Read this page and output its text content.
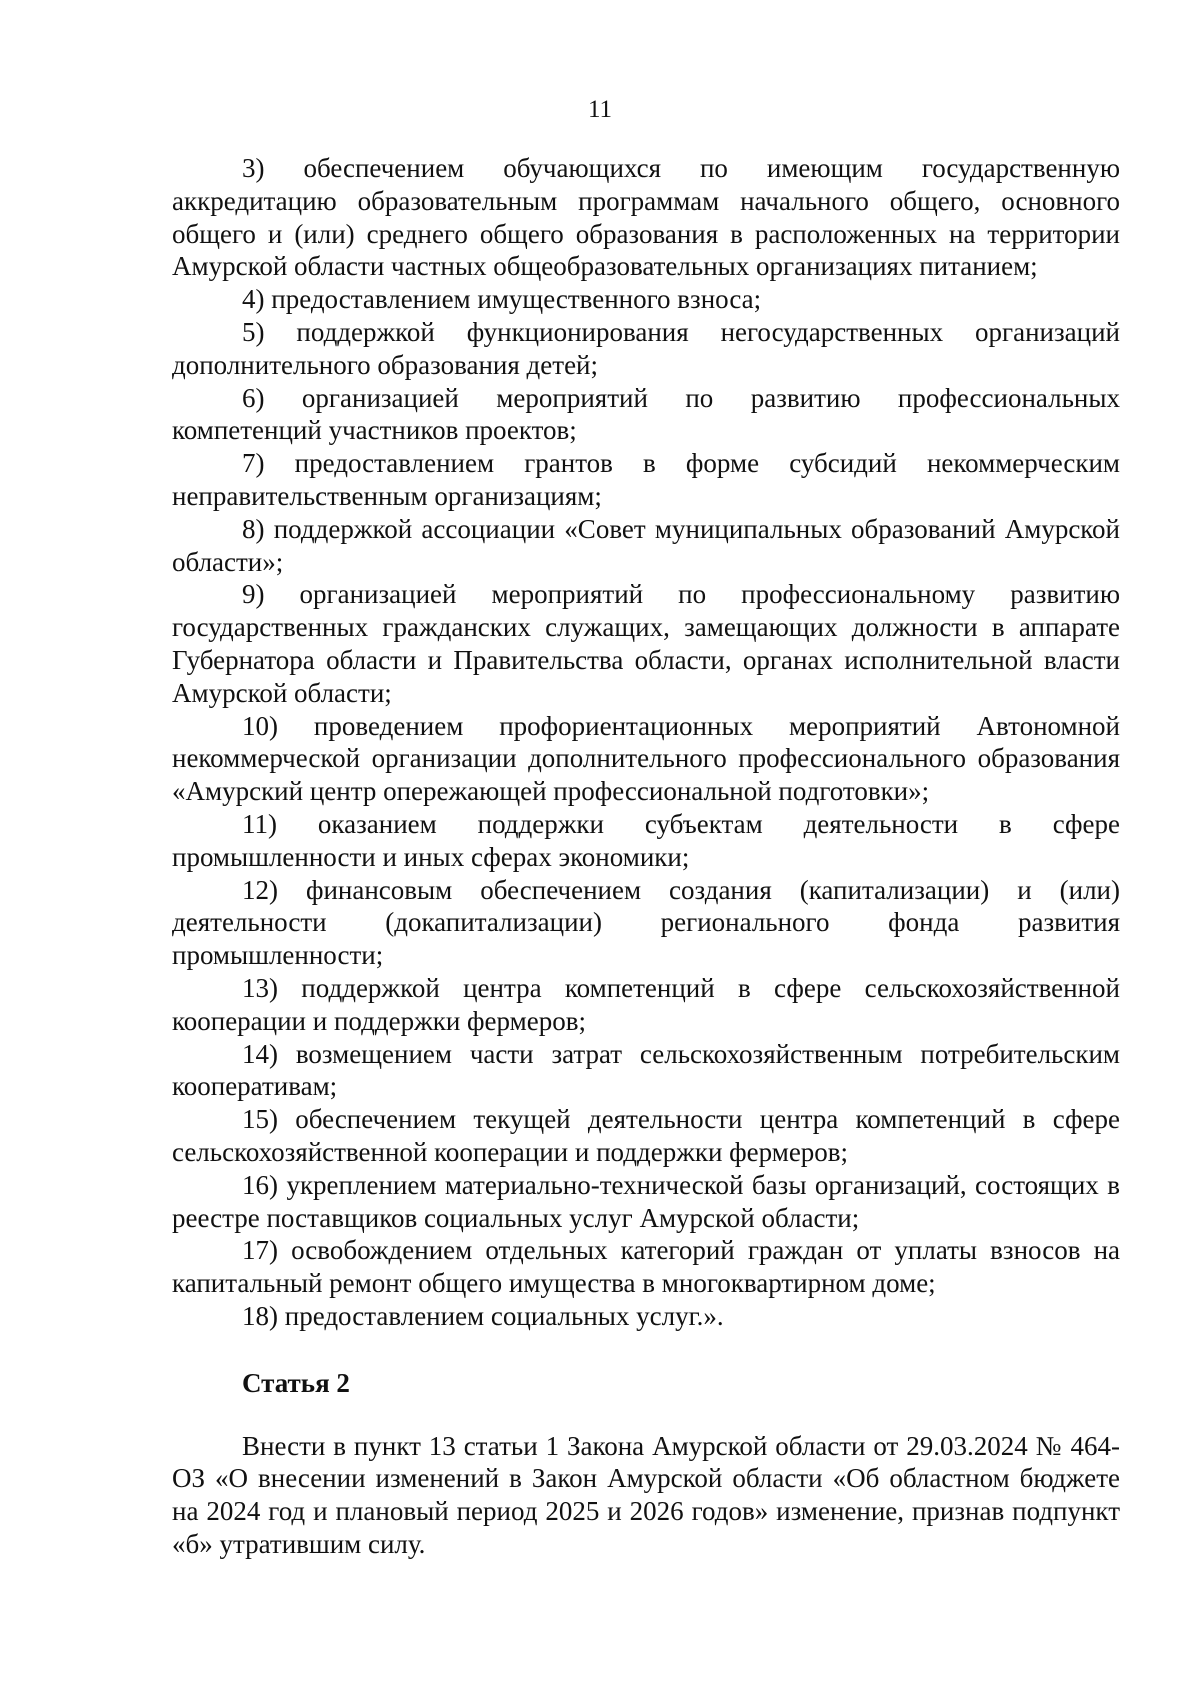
11

3) обеспечением обучающихся по имеющим государственную аккредитацию образовательным программам начального общего, основного общего и (или) среднего общего образования в расположенных на территории Амурской области частных общеобразовательных организациях питанием;

4) предоставлением имущественного взноса;

5) поддержкой функционирования негосударственных организаций дополнительного образования детей;

6) организацией мероприятий по развитию профессиональных компетенций участников проектов;

7) предоставлением грантов в форме субсидий некоммерческим неправительственным организациям;

8) поддержкой ассоциации «Совет муниципальных образований Амурской области»;

9) организацией мероприятий по профессиональному развитию государственных гражданских служащих, замещающих должности в аппарате Губернатора области и Правительства области, органах исполнительной власти Амурской области;

10) проведением профориентационных мероприятий Автономной некоммерческой организации дополнительного профессионального образования «Амурский центр опережающей профессиональной подготовки»;

11) оказанием поддержки субъектам деятельности в сфере промышленности и иных сферах экономики;

12) финансовым обеспечением создания (капитализации) и (или) деятельности (докапитализации) регионального фонда развития промышленности;

13) поддержкой центра компетенций в сфере сельскохозяйственной кооперации и поддержки фермеров;

14) возмещением части затрат сельскохозяйственным потребительским кооперативам;

15) обеспечением текущей деятельности центра компетенций в сфере сельскохозяйственной кооперации и поддержки фермеров;

16) укреплением материально-технической базы организаций, состоящих в реестре поставщиков социальных услуг Амурской области;

17) освобождением отдельных категорий граждан от уплаты взносов на капитальный ремонт общего имущества в многоквартирном доме;

18) предоставлением социальных услуг.».

Статья 2

Внести в пункт 13 статьи 1 Закона Амурской области от 29.03.2024 № 464-ОЗ «О внесении изменений в Закон Амурской области «Об областном бюджете на 2024 год и плановый период 2025 и 2026 годов» изменение, признав подпункт «б» утратившим силу.
